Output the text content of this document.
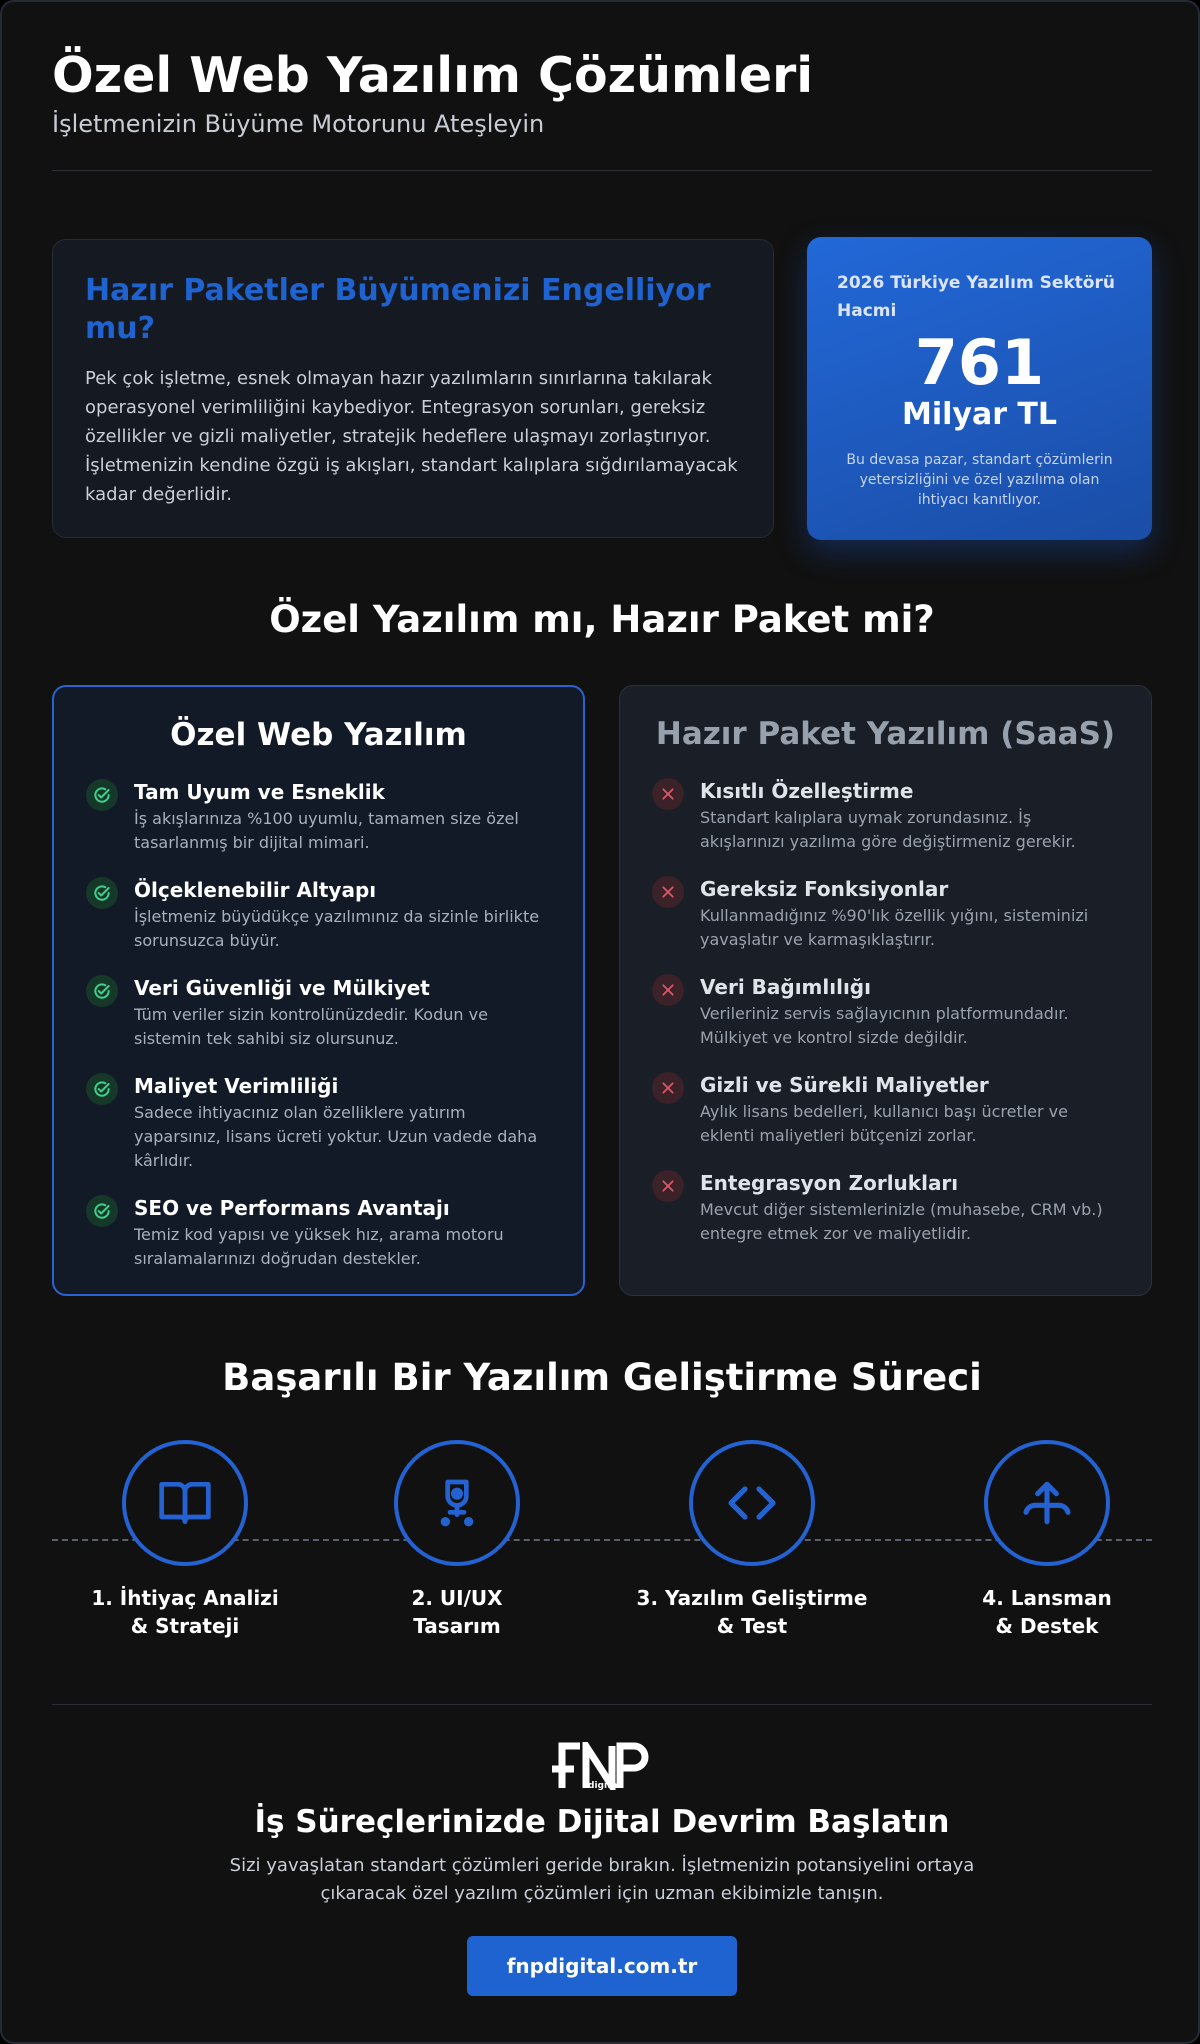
Özel Web Yazılım Çözümleri
İşletmenizin Büyüme Motorunu Ateşleyin
Hazır Paketler Büyümenizi Engelliyor mu?
Pek çok işletme, esnek olmayan hazır yazılımların sınırlarına takılarak operasyonel verimliliğini kaybediyor. Entegrasyon sorunları, gereksiz özellikler ve gizli maliyetler, stratejik hedeflere ulaşmayı zorlaştırıyor. İşletmenizin kendine özgü iş akışları, standart kalıplara sığdırılamayacak kadar değerlidir.
2026 Türkiye Yazılım Sektörü Hacmi
761
Milyar TL
Bu devasa pazar, standart çözümlerin yetersizliğini ve özel yazılıma olan ihtiyacı kanıtlıyor.
Özel Yazılım mı, Hazır Paket mi?
Özel Web Yazılım
Tam Uyum ve Esneklik
İş akışlarınıza %100 uyumlu, tamamen size özel tasarlanmış bir dijital mimari.
Ölçeklenebilir Altyapı
İşletmeniz büyüdükçe yazılımınız da sizinle birlikte sorunsuzca büyür.
Veri Güvenliği ve Mülkiyet
Tüm veriler sizin kontrolünüzdedir. Kodun ve sistemin tek sahibi siz olursunuz.
Maliyet Verimliliği
Sadece ihtiyacınız olan özelliklere yatırım yaparsınız, lisans ücreti yoktur. Uzun vadede daha kârlıdır.
SEO ve Performans Avantajı
Temiz kod yapısı ve yüksek hız, arama motoru sıralamalarınızı doğrudan destekler.
Hazır Paket Yazılım (SaaS)
Kısıtlı Özelleştirme
Standart kalıplara uymak zorundasınız. İş akışlarınızı yazılıma göre değiştirmeniz gerekir.
Gereksiz Fonksiyonlar
Kullanmadığınız %90'lık özellik yığını, sisteminizi yavaşlatır ve karmaşıklaştırır.
Veri Bağımlılığı
Verileriniz servis sağlayıcının platformundadır. Mülkiyet ve kontrol sizde değildir.
Gizli ve Sürekli Maliyetler
Aylık lisans bedelleri, kullanıcı başı ücretler ve eklenti maliyetleri bütçenizi zorlar.
Entegrasyon Zorlukları
Mevcut diğer sistemlerinizle (muhasebe, CRM vb.) entegre etmek zor ve maliyetlidir.
Başarılı Bir Yazılım Geliştirme Süreci
1. İhtiyaç Analizi
& Strateji
2. UI/UX
Tasarım
3. Yazılım Geliştirme
& Test
4. Lansman
& Destek
digital
İş Süreçlerinizde Dijital Devrim Başlatın
Sizi yavaşlatan standart çözümleri geride bırakın. İşletmenizin potansiyelini ortaya çıkaracak özel yazılım çözümleri için uzman ekibimizle tanışın.
fnpdigital.com.tr
